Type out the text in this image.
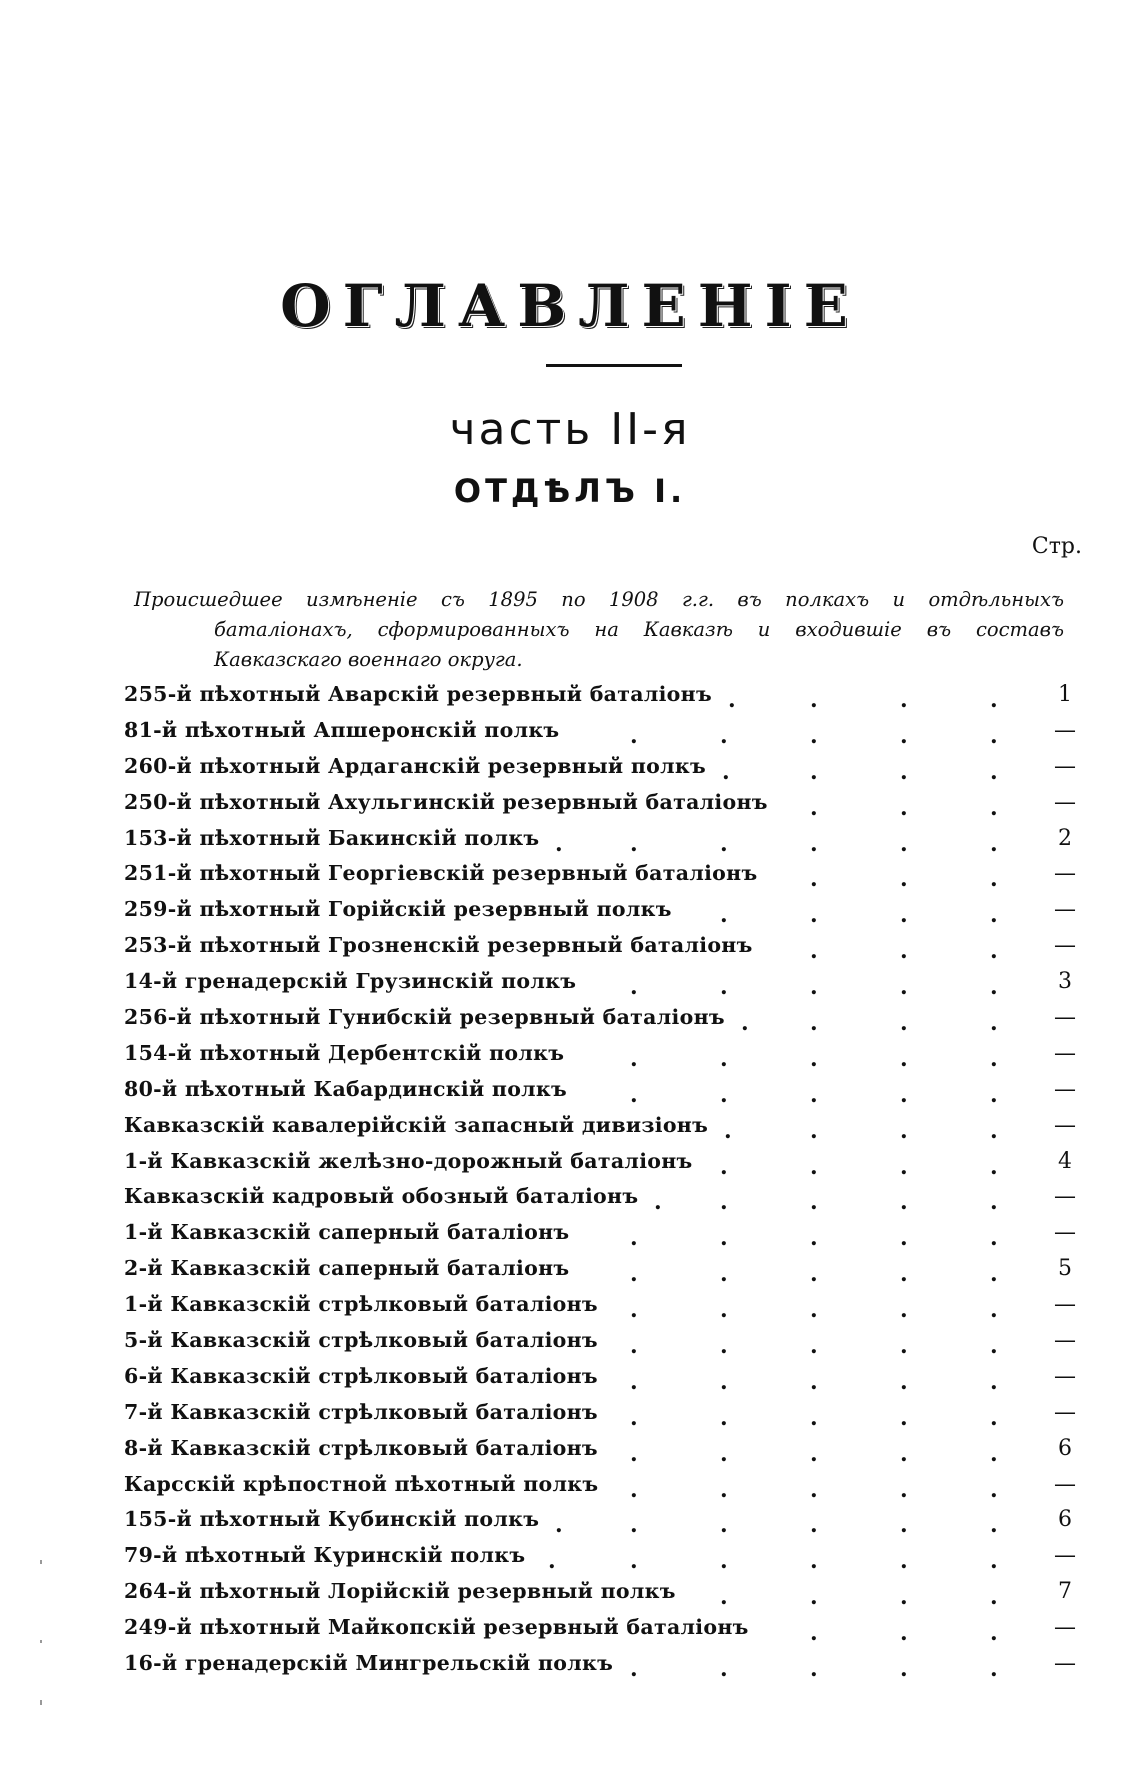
ОГЛАВЛЕНІЕ
часть ІІ-я
ОТДѢЛЪ І.
Стр.
Происшедшее измѣненіе съ 1895 по 1908 г.г. въ полкахъ и отдѣльныхъ
баталіонахъ, сформированныхъ на Кавказѣ и входившіе въ составъ
Кавказскаго военнаго округа.
255-й пѣхотный Аварскій резервный баталіонъ	1
.	.	.	.
81-й пѣхотный Апшеронскій полкъ	—
.	.	.	.	.
260-й пѣхотный Ардаганскій резервный полкъ	—
.	.	.	.
250-й пѣхотный Ахульгинскій резервный баталіонъ	—
.	.	.
153-й пѣхотный Бакинскій полкъ	2
.	.	.	.	.	.
251-й пѣхотный Георгіевскій резервный баталіонъ	—
.	.	.
259-й пѣхотный Горійскій резервный полкъ	—
.	.	.	.
253-й пѣхотный Грозненскій резервный баталіонъ	—
.	.	.
14-й гренадерскій Грузинскій полкъ	3
.	.	.	.	.
256-й пѣхотный Гунибскій резервный баталіонъ	—
.	.	.	.
154-й пѣхотный Дербентскій полкъ	—
.	.	.	.	.
80-й пѣхотный Кабардинскій полкъ	—
.	.	.	.	.
Кавказскій кавалерійскій запасный дивизіонъ	—
.	.	.	.
1-й Кавказскій желѣзно-дорожный баталіонъ	4
.	.	.	.
Кавказскій кадровый обозный баталіонъ	—
.	.	.	.	.
1-й Кавказскій саперный баталіонъ	—
.	.	.	.	.
2-й Кавказскій саперный баталіонъ	5
.	.	.	.	.
1-й Кавказскій стрѣлковый баталіонъ	—
.	.	.	.	.
5-й Кавказскій стрѣлковый баталіонъ	—
.	.	.	.	.
6-й Кавказскій стрѣлковый баталіонъ	—
.	.	.	.	.
7-й Кавказскій стрѣлковый баталіонъ	—
.	.	.	.	.
8-й Кавказскій стрѣлковый баталіонъ	6
.	.	.	.	.
Карсскій крѣпостной пѣхотный полкъ	—
.	.	.	.	.
155-й пѣхотный Кубинскій полкъ	6
.	.	.	.	.	.
79-й пѣхотный Куринскій полкъ	—
.	.	.	.	.	.
264-й пѣхотный Лорійскій резервный полкъ	7
.	.	.	.
249-й пѣхотный Майкопскій резервный баталіонъ	—
.	.	.
16-й гренадерскій Мингрельскій полкъ	—
.	.	.	.	.
